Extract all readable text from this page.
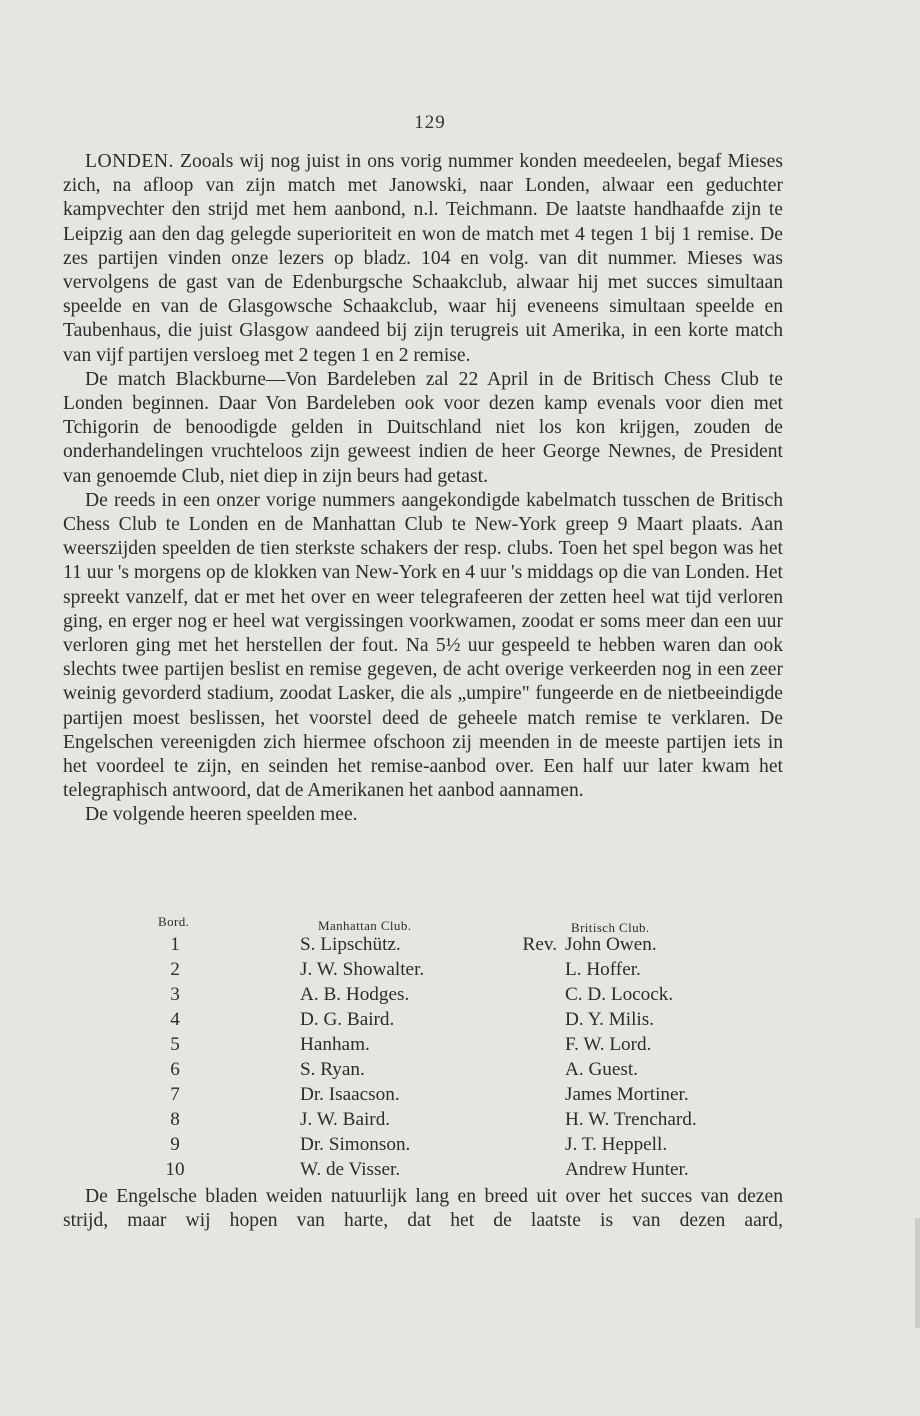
129

LONDEN. Zooals wij nog juist in ons vorig nummer konden meedeelen, begaf Mieses zich, na afloop van zijn match met Janowski, naar Londen, alwaar een geduchter kampvechter den strijd met hem aanbond, n.l. Teichmann. De laatste handhaafde zijn te Leipzig aan den dag gelegde superioriteit en won de match met 4 tegen 1 bij 1 remise. De zes partijen vinden onze lezers op bladz. 104 en volg. van dit nummer. Mieses was vervolgens de gast van de Edenburgsche Schaakclub, alwaar hij met succes simultaan speelde en van de Glasgowsche Schaakclub, waar hij eveneens simultaan speelde en Taubenhaus, die juist Glasgow aandeed bij zijn terugreis uit Amerika, in een korte match van vijf partijen versloeg met 2 tegen 1 en 2 remise.

De match Blackburne—Von Bardeleben zal 22 April in de Britisch Chess Club te Londen beginnen. Daar Von Bardeleben ook voor dezen kamp evenals voor dien met Tchigorin de benoodigde gelden in Duitschland niet los kon krijgen, zouden de onderhandelingen vruchteloos zijn geweest indien de heer George Newnes, de President van genoemde Club, niet diep in zijn beurs had getast.

De reeds in een onzer vorige nummers aangekondigde kabelmatch tusschen de Britisch Chess Club te Londen en de Manhattan Club te New-York greep 9 Maart plaats. Aan weerszijden speelden de tien sterkste schakers der resp. clubs. Toen het spel begon was het 11 uur 's morgens op de klokken van New-York en 4 uur 's middags op die van Londen. Het spreekt vanzelf, dat er met het over en weer telegrafeeren der zetten heel wat tijd verloren ging, en erger nog er heel wat vergissingen voorkwamen, zoodat er soms meer dan een uur verloren ging met het herstellen der fout. Na 5½ uur gespeeld te hebben waren dan ook slechts twee partijen beslist en remise gegeven, de acht overige verkeerden nog in een zeer weinig gevorderd stadium, zoodat Lasker, die als „umpire" fungeerde en de nietbeeindigde partijen moest beslissen, het voorstel deed de geheele match remise te verklaren. De Engelschen vereenigden zich hiermee ofschoon zij meenden in de meeste partijen iets in het voordeel te zijn, en seinden het remise-aanbod over. Een half uur later kwam het telegraphisch antwoord, dat de Amerikanen het aanbod aannamen.

De volgende heeren speelden mee.

Bord.	Manhattan Club.	Britisch Club.
1	S. Lipschütz.	Rev. John Owen.
2	J. W. Showalter.	L. Hoffer.
3	A. B. Hodges.	C. D. Locock.
4	D. G. Baird.	D. Y. Milis.
5	Hanham.	F. W. Lord.
6	S. Ryan.	A. Guest.
7	Dr. Isaacson.	James Mortiner.
8	J. W. Baird.	H. W. Trenchard.
9	Dr. Simonson.	J. T. Heppell.
10	W. de Visser.	Andrew Hunter.

De Engelsche bladen weiden natuurlijk lang en breed uit over het succes van dezen strijd, maar wij hopen van harte, dat het de laatste is van dezen aard,
